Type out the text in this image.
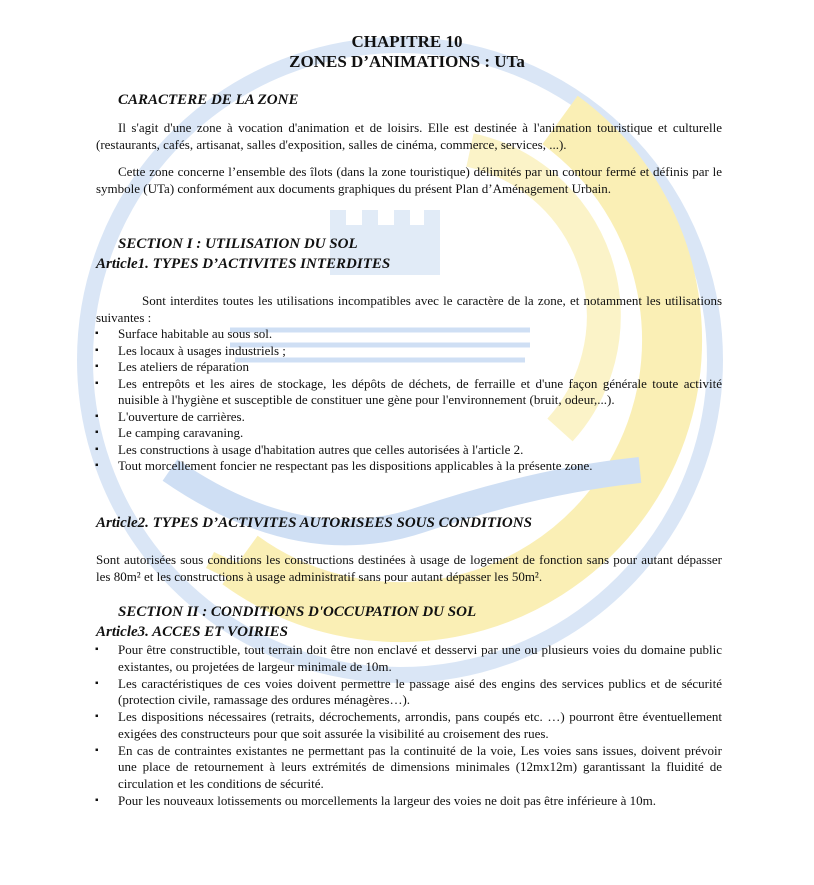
CHAPITRE 10
ZONES D’ANIMATIONS : UTa
CARACTERE DE LA ZONE

Il s'agit d'une zone à vocation d'animation et de loisirs. Elle est destinée à l'animation touristique et culturelle (restaurants, cafés, artisanat, salles d'exposition, salles de cinéma, commerce, services, ...).

Cette zone concerne l’ensemble des îlots (dans la zone touristique) délimités par un contour fermé et définis par le symbole (UTa) conformément aux documents graphiques du présent Plan d’Aménagement Urbain.

SECTION I : UTILISATION DU SOL
Article1. TYPES D’ACTIVITES INTERDITES

Sont interdites toutes les utilisations incompatibles avec le caractère de la zone, et notamment les utilisations suivantes :

▪ Surface habitable au sous sol.
▪ Les locaux à usages industriels ;
▪ Les ateliers de réparation
▪ Les entrepôts et les aires de stockage, les dépôts de déchets, de ferraille et d'une façon générale toute activité nuisible à l'hygiène et susceptible de constituer une gène pour l'environnement (bruit, odeur,...).
▪ L'ouverture de carrières.
▪ Le camping caravaning.
▪ Les constructions à usage d'habitation autres que celles autorisées à l'article 2.
▪ Tout morcellement foncier ne respectant pas les dispositions applicables à la présente zone.
Article2. TYPES D’ACTIVITES AUTORISEES SOUS CONDITIONS

Sont autorisées sous conditions les constructions destinées à usage de logement de fonction sans pour autant dépasser les 80m² et les constructions à usage administratif sans pour autant dépasser les 50m².

SECTION II : CONDITIONS D'OCCUPATION DU SOL
Article3. ACCES ET VOIRIES
▪ Pour être constructible, tout terrain doit être non enclavé et desservi par une ou plusieurs voies du domaine public existantes, ou projetées de largeur minimale de 10m.
▪ Les caractéristiques de ces voies doivent permettre le passage aisé des engins des services publics et de sécurité (protection civile, ramassage des ordures ménagères…).
▪ Les dispositions nécessaires (retraits, décrochements, arrondis, pans coupés etc. …) pourront être éventuellement exigées des constructeurs pour que soit assurée la visibilité au croisement des rues.
▪ En cas de contraintes existantes ne permettant pas la continuité de la voie, Les voies sans issues, doivent prévoir une place de retournement à leurs extrémités de dimensions minimales (12mx12m) garantissant la fluidité de circulation et les conditions de sécurité.
▪ Pour les nouveaux lotissements ou morcellements la largeur des voies ne doit pas être inférieure à 10m.
